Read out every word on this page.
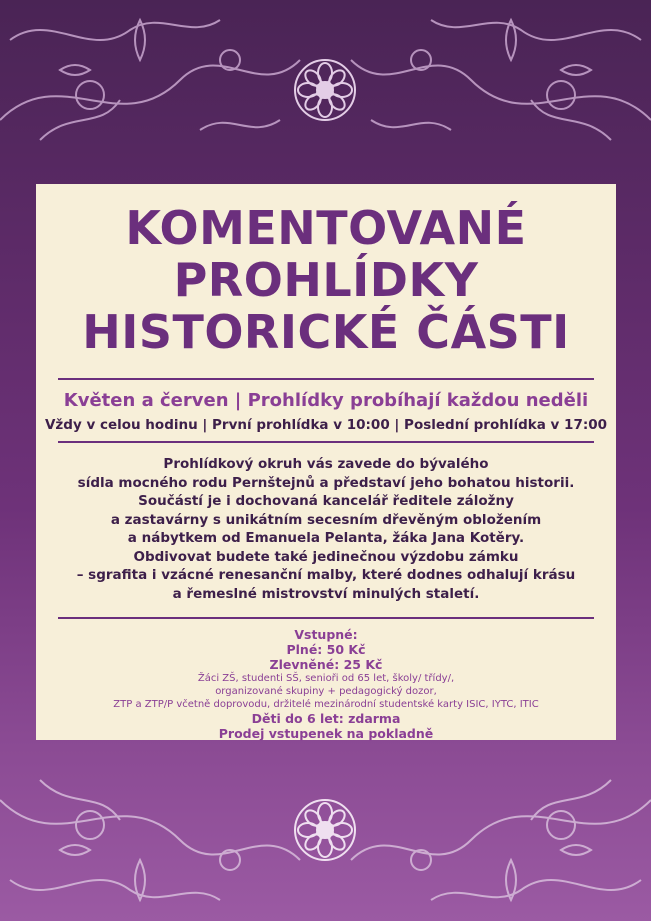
KOMENTOVANÉ
PROHLÍDKY
HISTORICKÉ ČÁSTI
Květen a červen | Prohlídky probíhají každou neděli
Vždy v celou hodinu | První prohlídka v 10:00 | Poslední prohlídka v 17:00
Prohlídkový okruh vás zavede do bývalého
sídla mocného rodu Pernštejnů a představí jeho bohatou historii.
Součástí je i dochovaná kancelář ředitele záložny
a zastavárny s unikátním secesním dřevěným obložením
a nábytkem od Emanuela Pelanta, žáka Jana Kotěry.
Obdivovat budete také jedinečnou výzdobu zámku
– sgrafita i vzácné renesanční malby, které dodnes odhalují krásu
a řemeslné mistrovství minulých staletí.
Vstupné:
Plné: 50 Kč
Zlevněné: 25 Kč
Žáci ZŠ, studenti SŠ, senioři od 65 let, školy/ třídy/,
organizované skupiny + pedagogický dozor,
ZTP a ZTP/P včetně doprovodu, držitelé mezinárodní studentské karty ISIC, IYTC, ITIC
Děti do 6 let: zdarma
Prodej vstupenek na pokladně
